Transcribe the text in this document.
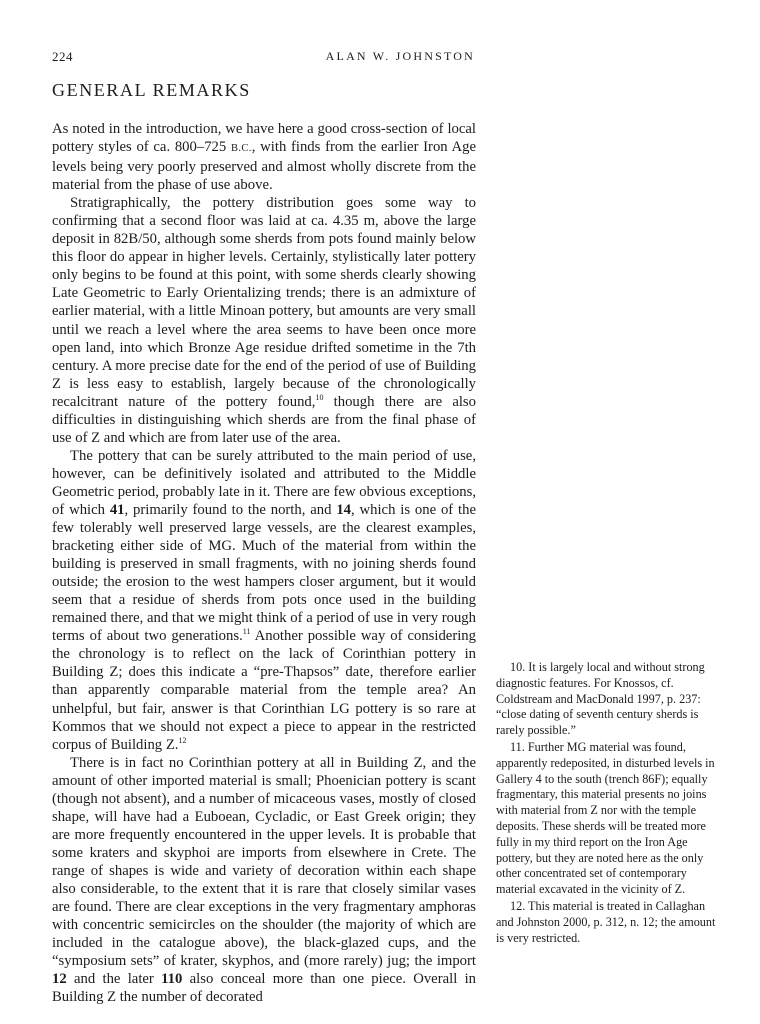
224	ALAN W. JOHNSTON
GENERAL REMARKS

As noted in the introduction, we have here a good cross-section of local pottery styles of ca. 800–725 B.C., with finds from the earlier Iron Age levels being very poorly preserved and almost wholly discrete from the material from the phase of use above.

Stratigraphically, the pottery distribution goes some way to confirming that a second floor was laid at ca. 4.35 m, above the large deposit in 82B/50, although some sherds from pots found mainly below this floor do appear in higher levels. Certainly, stylistically later pottery only begins to be found at this point, with some sherds clearly showing Late Geometric to Early Orientalizing trends; there is an admixture of earlier material, with a little Minoan pottery, but amounts are very small until we reach a level where the area seems to have been once more open land, into which Bronze Age residue drifted sometime in the 7th century. A more precise date for the end of the period of use of Building Z is less easy to establish, largely because of the chronologically recalcitrant nature of the pottery found,$^{10}$ though there are also difficulties in distinguishing which sherds are from the final phase of use of Z and which are from later use of the area.

The pottery that can be surely attributed to the main period of use, however, can be definitively isolated and attributed to the Middle Geometric period, probably late in it. There are few obvious exceptions, of which 41, primarily found to the north, and 14, which is one of the few tolerably well preserved large vessels, are the clearest examples, bracketing either side of MG. Much of the material from within the building is preserved in small fragments, with no joining sherds found outside; the erosion to the west hampers closer argument, but it would seem that a residue of sherds from pots once used in the building remained there, and that we might think of a period of use in very rough terms of about two generations.$^{11}$ Another possible way of considering the chronology is to reflect on the lack of Corinthian pottery in Building Z; does this indicate a “pre-Thapsos” date, therefore earlier than apparently comparable material from the temple area? An unhelpful, but fair, answer is that Corinthian LG pottery is so rare at Kommos that we should not expect a piece to appear in the restricted corpus of Building Z.$^{12}$

There is in fact no Corinthian pottery at all in Building Z, and the amount of other imported material is small; Phoenician pottery is scant (though not absent), and a number of micaceous vases, mostly of closed shape, will have had a Euboean, Cycladic, or East Greek origin; they are more frequently encountered in the upper levels. It is probable that some kraters and skyphoi are imports from elsewhere in Crete. The range of shapes is wide and variety of decoration within each shape also considerable, to the extent that it is rare that closely similar vases are found. There are clear exceptions in the very fragmentary amphoras with concentric semicircles on the shoulder (the majority of which are included in the catalogue above), the black-glazed cups, and the “symposium sets” of krater, skyphos, and (more rarely) jug; the import 12 and the later 110 also conceal more than one piece. Overall in Building Z the number of decorated

10. It is largely local and without strong diagnostic features. For Knossos, cf. Coldstream and MacDonald 1997, p. 237: “close dating of seventh century sherds is rarely possible.”

11. Further MG material was found, apparently redeposited, in disturbed levels in Gallery 4 to the south (trench 86F); equally fragmentary, this material presents no joins with material from Z nor with the temple deposits. These sherds will be treated more fully in my third report on the Iron Age pottery, but they are noted here as the only other concentrated set of contemporary material excavated in the vicinity of Z.

12. This material is treated in Callaghan and Johnston 2000, p. 312, n. 12; the amount is very restricted.
